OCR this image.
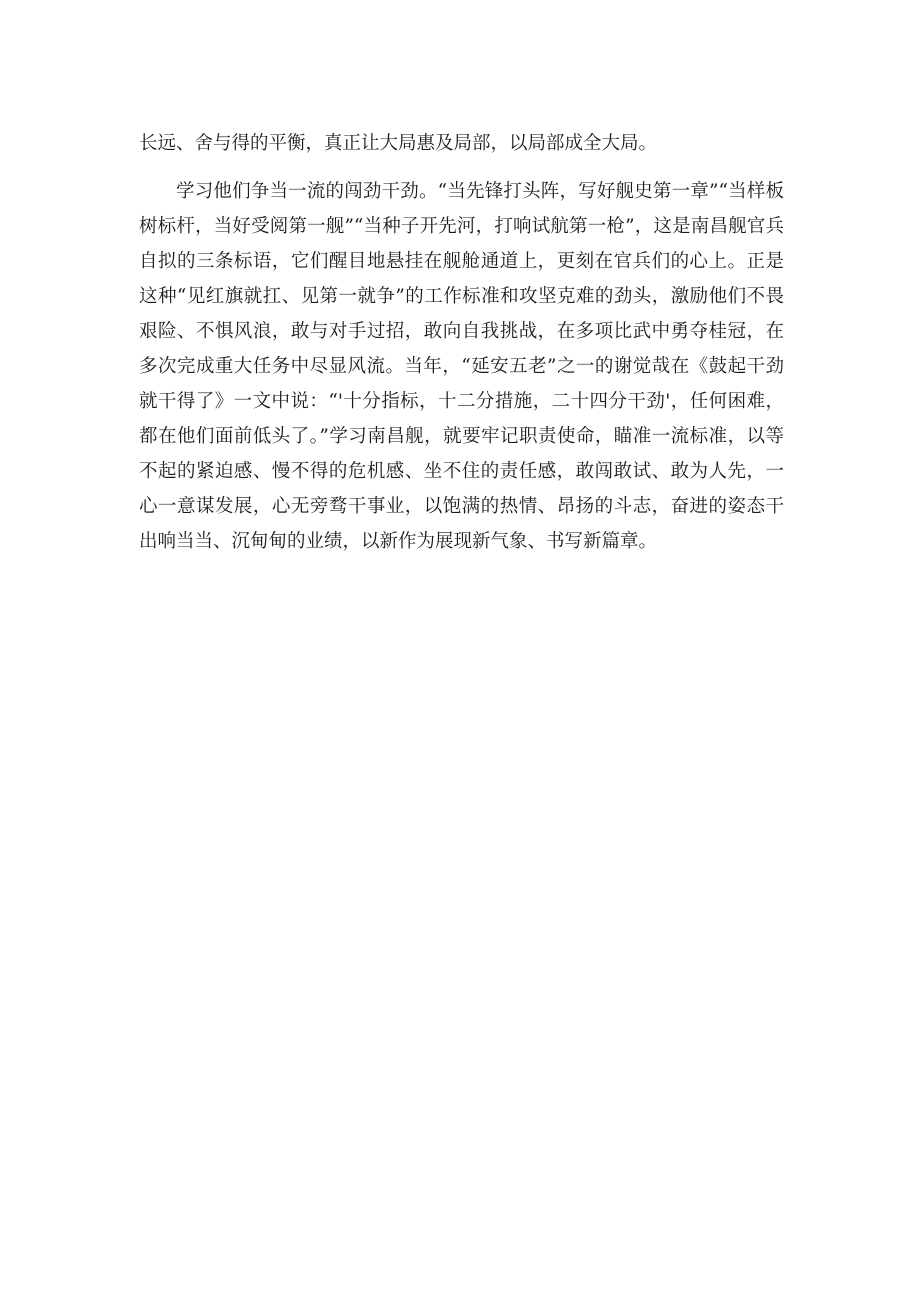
长远、舍与得的平衡，真正让大局惠及局部，以局部成全大局。

学习他们争当一流的闯劲干劲。“当先锋打头阵，写好舰史第一章”“当样板树标杆，当好受阅第一舰”“当种子开先河，打响试航第一枪”，这是南昌舰官兵自拟的三条标语，它们醒目地悬挂在舰舱通道上，更刻在官兵们的心上。正是这种“见红旗就扛、见第一就争”的工作标准和攻坚克难的劲头，激励他们不畏艰险、不惧风浪，敢与对手过招，敢向自我挑战，在多项比武中勇夺桂冠，在多次完成重大任务中尽显风流。当年，“延安五老”之一的谢觉哉在《鼓起干劲就干得了》一文中说：“'十分指标，十二分措施，二十四分干劲'，任何困难，都在他们面前低头了。”学习南昌舰，就要牢记职责使命，瞄准一流标准，以等不起的紧迫感、慢不得的危机感、坐不住的责任感，敢闯敢试、敢为人先，一心一意谋发展，心无旁骛干事业，以饱满的热情、昂扬的斗志，奋进的姿态干出响当当、沉甸甸的业绩，以新作为展现新气象、书写新篇章。
